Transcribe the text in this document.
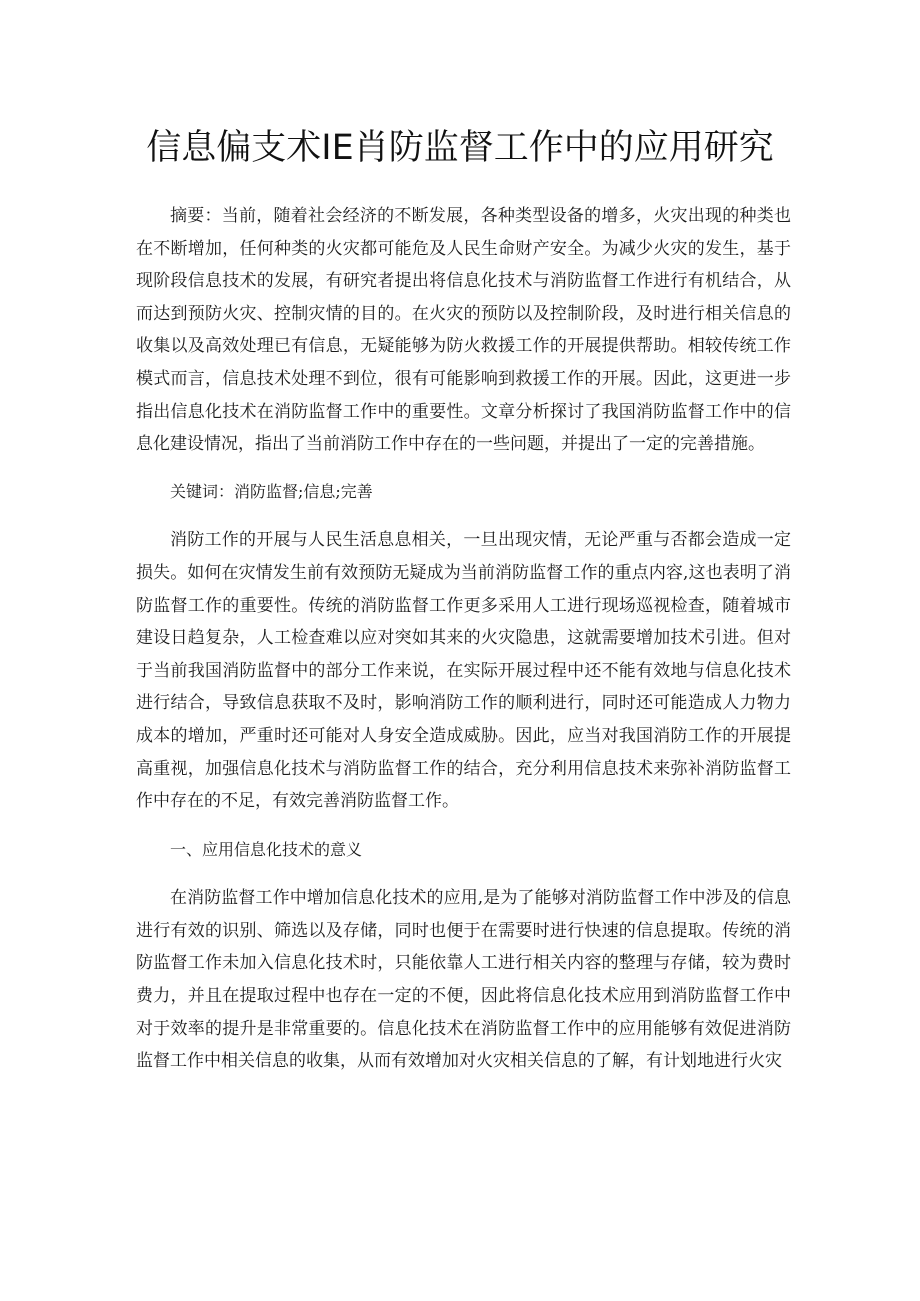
信息偏支术IE肖防监督工作中的应用研究

摘要：当前，随着社会经济的不断发展，各种类型设备的增多，火灾出现的种类也在不断增加，任何种类的火灾都可能危及人民生命财产安全。为减少火灾的发生，基于现阶段信息技术的发展，有研究者提出将信息化技术与消防监督工作进行有机结合，从而达到预防火灾、控制灾情的目的。在火灾的预防以及控制阶段，及时进行相关信息的收集以及高效处理已有信息，无疑能够为防火救援工作的开展提供帮助。相较传统工作模式而言，信息技术处理不到位，很有可能影响到救援工作的开展。因此，这更进一步指出信息化技术在消防监督工作中的重要性。文章分析探讨了我国消防监督工作中的信息化建设情况，指出了当前消防工作中存在的一些问题，并提出了一定的完善措施。

关键词：消防监督;信息;完善

消防工作的开展与人民生活息息相关，一旦出现灾情，无论严重与否都会造成一定损失。如何在灾情发生前有效预防无疑成为当前消防监督工作的重点内容,这也表明了消防监督工作的重要性。传统的消防监督工作更多采用人工进行现场巡视检查，随着城市建设日趋复杂，人工检查难以应对突如其来的火灾隐患，这就需要增加技术引进。但对于当前我国消防监督中的部分工作来说，在实际开展过程中还不能有效地与信息化技术进行结合，导致信息获取不及时，影响消防工作的顺利进行，同时还可能造成人力物力成本的增加，严重时还可能对人身安全造成威胁。因此，应当对我国消防工作的开展提高重视，加强信息化技术与消防监督工作的结合，充分利用信息技术来弥补消防监督工作中存在的不足，有效完善消防监督工作。

一、应用信息化技术的意义

在消防监督工作中增加信息化技术的应用,是为了能够对消防监督工作中涉及的信息进行有效的识别、筛选以及存储，同时也便于在需要时进行快速的信息提取。传统的消防监督工作未加入信息化技术时，只能依靠人工进行相关内容的整理与存储，较为费时费力，并且在提取过程中也存在一定的不便，因此将信息化技术应用到消防监督工作中对于效率的提升是非常重要的。信息化技术在消防监督工作中的应用能够有效促进消防监督工作中相关信息的收集，从而有效增加对火灾相关信息的了解，有计划地进行火灾
